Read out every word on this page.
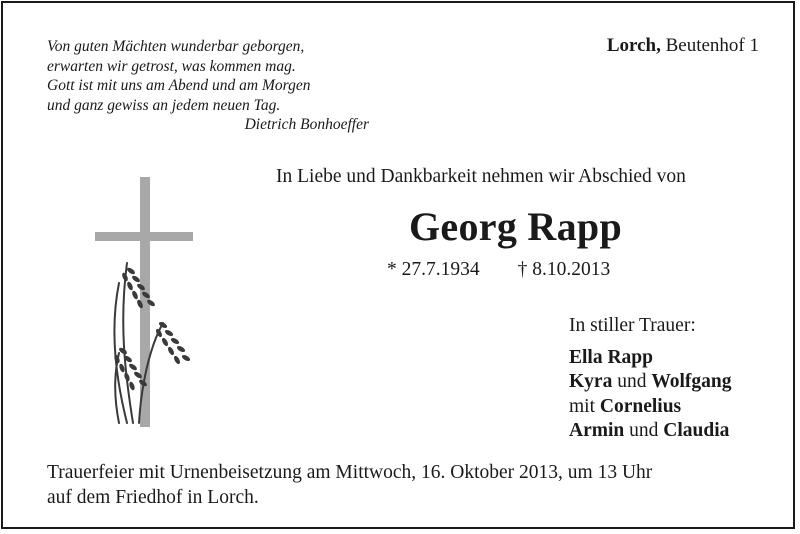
Von guten Mächten wunderbar geborgen,
erwarten wir getrost, was kommen mag.
Gott ist mit uns am Abend und am Morgen
und ganz gewiss an jedem neuen Tag.
Dietrich Bonhoeffer
Lorch, Beutenhof 1
In Liebe und Dankbarkeit nehmen wir Abschied von
Georg Rapp
* 27.7.1934 † 8.10.2013
In stiller Trauer:
Ella Rapp
Kyra und Wolfgang
mit Cornelius
Armin und Claudia
Trauerfeier mit Urnenbeisetzung am Mittwoch, 16. Oktober 2013, um 13 Uhr
auf dem Friedhof in Lorch.
